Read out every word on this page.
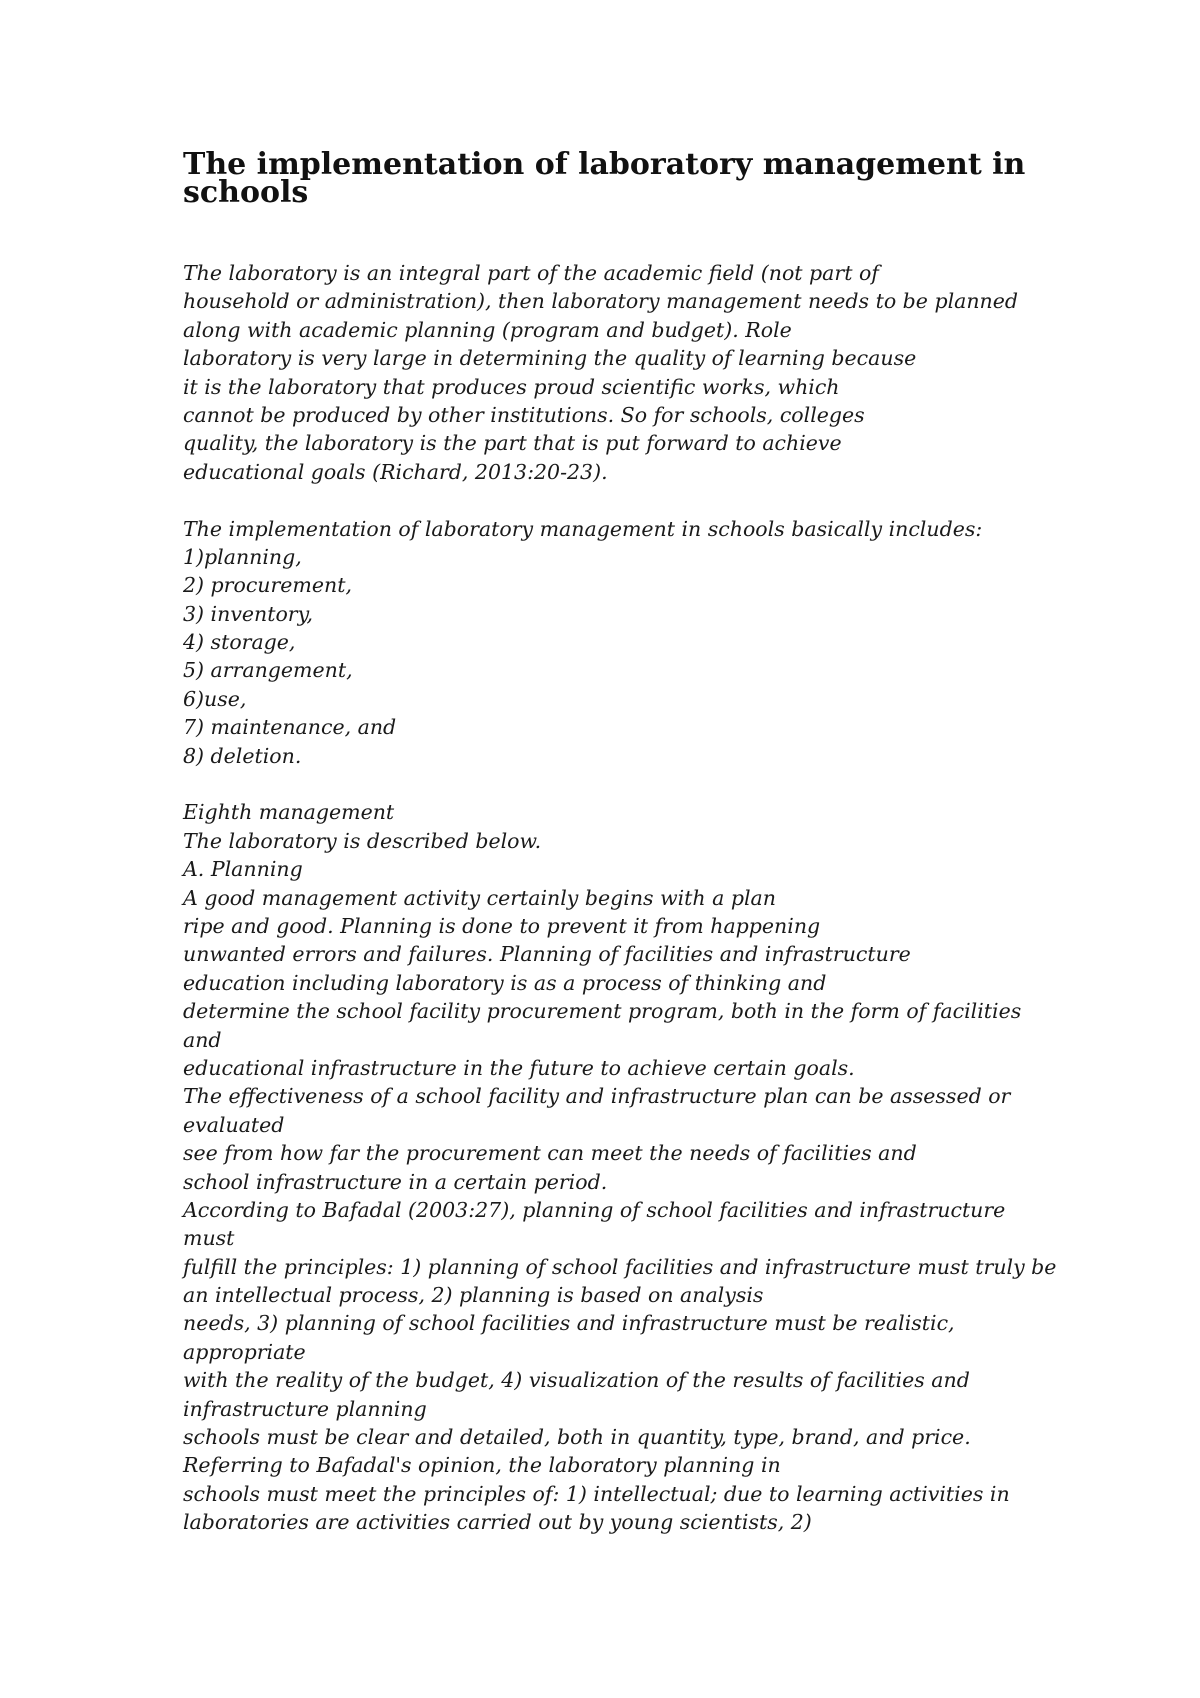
The implementation of laboratory management in
schools
The laboratory is an integral part of the academic field (not part of
household or administration), then laboratory management needs to be planned
along with academic planning (program and budget). Role
laboratory is very large in determining the quality of learning because
it is the laboratory that produces proud scientific works, which
cannot be produced by other institutions. So for schools, colleges
quality, the laboratory is the part that is put forward to achieve
educational goals (Richard, 2013:20-23).
The implementation of laboratory management in schools basically includes:
1)planning,
2) procurement,
3) inventory,
4) storage,
5) arrangement,
6)use,
7) maintenance, and
8) deletion.
Eighth management
The laboratory is described below.
A. Planning
A good management activity certainly begins with a plan
ripe and good. Planning is done to prevent it from happening
unwanted errors and failures. Planning of facilities and infrastructure
education including laboratory is as a process of thinking and
determine the school facility procurement program, both in the form of facilities
and
educational infrastructure in the future to achieve certain goals.
The effectiveness of a school facility and infrastructure plan can be assessed or
evaluated
see from how far the procurement can meet the needs of facilities and
school infrastructure in a certain period.
According to Bafadal (2003:27), planning of school facilities and infrastructure
must
fulfill the principles: 1) planning of school facilities and infrastructure must truly be
an intellectual process, 2) planning is based on analysis
needs, 3) planning of school facilities and infrastructure must be realistic,
appropriate
with the reality of the budget, 4) visualization of the results of facilities and
infrastructure planning
schools must be clear and detailed, both in quantity, type, brand, and price.
Referring to Bafadal's opinion, the laboratory planning in
schools must meet the principles of: 1) intellectual; due to learning activities in
laboratories are activities carried out by young scientists, 2)
